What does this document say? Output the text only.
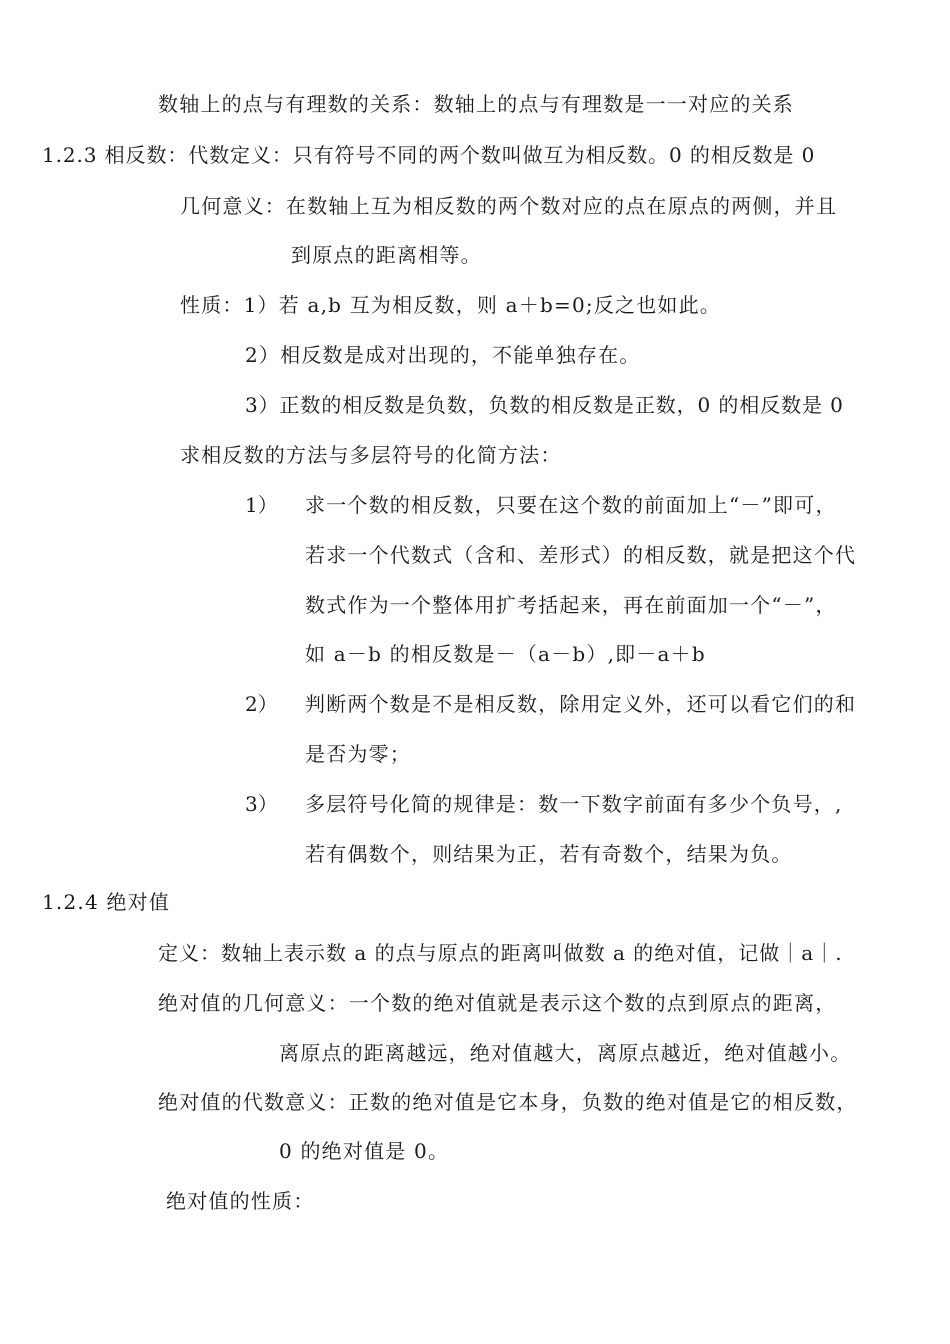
数轴上的点与有理数的关系：数轴上的点与有理数是一一对应的关系
1.2.3 相反数：代数定义：只有符号不同的两个数叫做互为相反数。0 的相反数是 0
几何意义：在数轴上互为相反数的两个数对应的点在原点的两侧，并且
到原点的距离相等。
性质：1）若 a,b 互为相反数，则 a＋b=0;反之也如此。
2）相反数是成对出现的，不能单独存在。
3）正数的相反数是负数，负数的相反数是正数，0 的相反数是 0
求相反数的方法与多层符号的化简方法：
1） 求一个数的相反数，只要在这个数的前面加上“－”即可，
若求一个代数式（含和、差形式）的相反数，就是把这个代
数式作为一个整体用扩考括起来，再在前面加一个“－”，
如 a－b 的相反数是－（a－b）,即－a＋b
2） 判断两个数是不是相反数，除用定义外，还可以看它们的和
是否为零；
3） 多层符号化简的规律是：数一下数字前面有多少个负号，,
若有偶数个，则结果为正，若有奇数个，结果为负。
1.2.4 绝对值
定义：数轴上表示数 a 的点与原点的距离叫做数 a 的绝对值，记做｜a｜.
绝对值的几何意义：一个数的绝对值就是表示这个数的点到原点的距离，
离原点的距离越远，绝对值越大，离原点越近，绝对值越小。
绝对值的代数意义：正数的绝对值是它本身，负数的绝对值是它的相反数，
0 的绝对值是 0。
绝对值的性质：
